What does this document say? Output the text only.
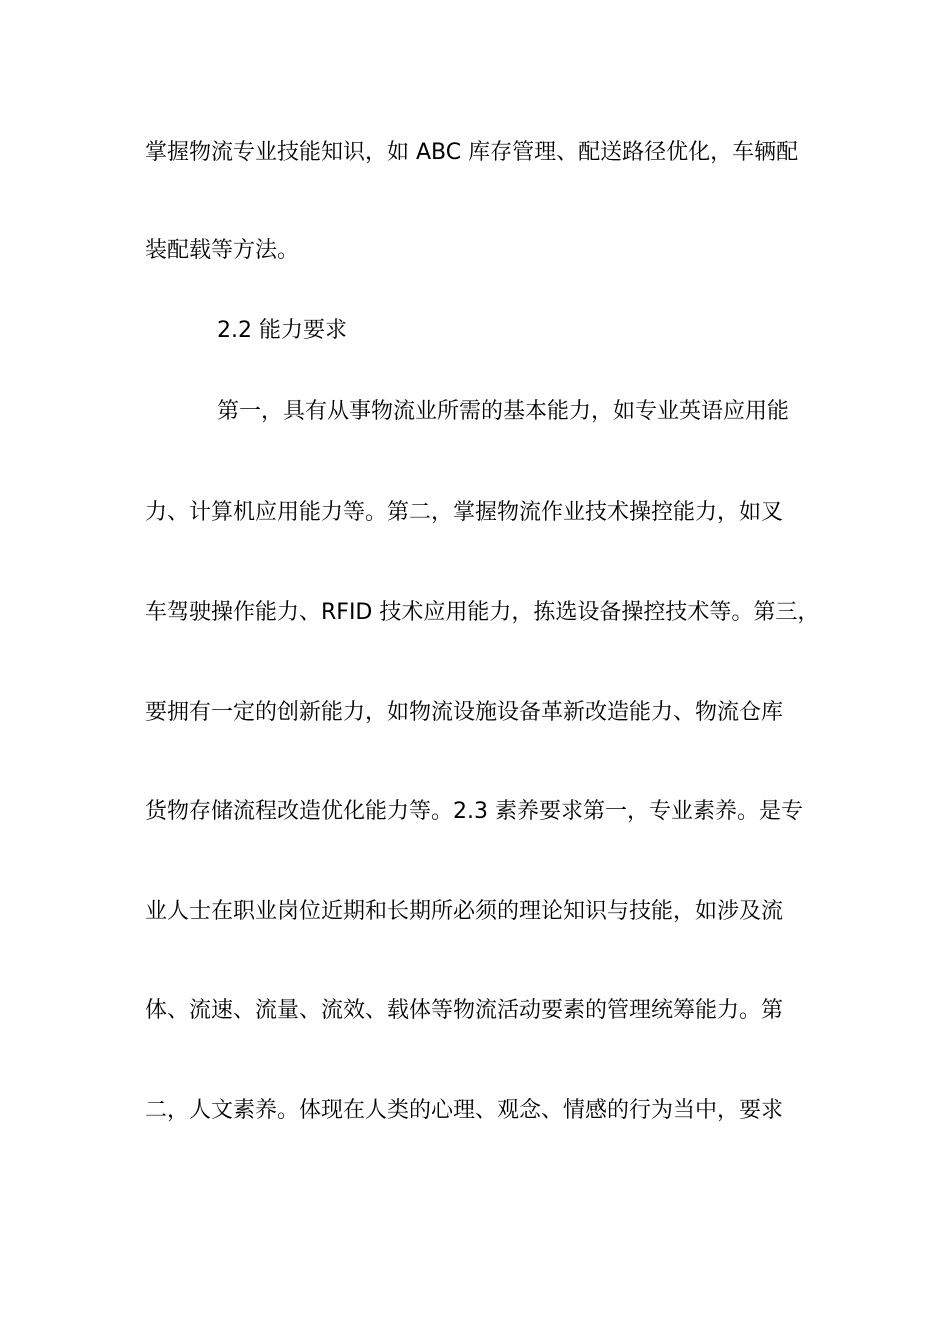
掌握物流专业技能知识，如 ABC 库存管理、配送路径优化，车辆配
装配载等方法。
2.2 能力要求
第一，具有从事物流业所需的基本能力，如专业英语应用能
力、计算机应用能力等。第二，掌握物流作业技术操控能力，如叉
车驾驶操作能力、RFID 技术应用能力，拣选设备操控技术等。第三，
要拥有一定的创新能力，如物流设施设备革新改造能力、物流仓库
货物存储流程改造优化能力等。2.3 素养要求第一，专业素养。是专
业人士在职业岗位近期和长期所必须的理论知识与技能，如涉及流
体、流速、流量、流效、载体等物流活动要素的管理统筹能力。第
二，人文素养。体现在人类的心理、观念、情感的行为当中，要求
